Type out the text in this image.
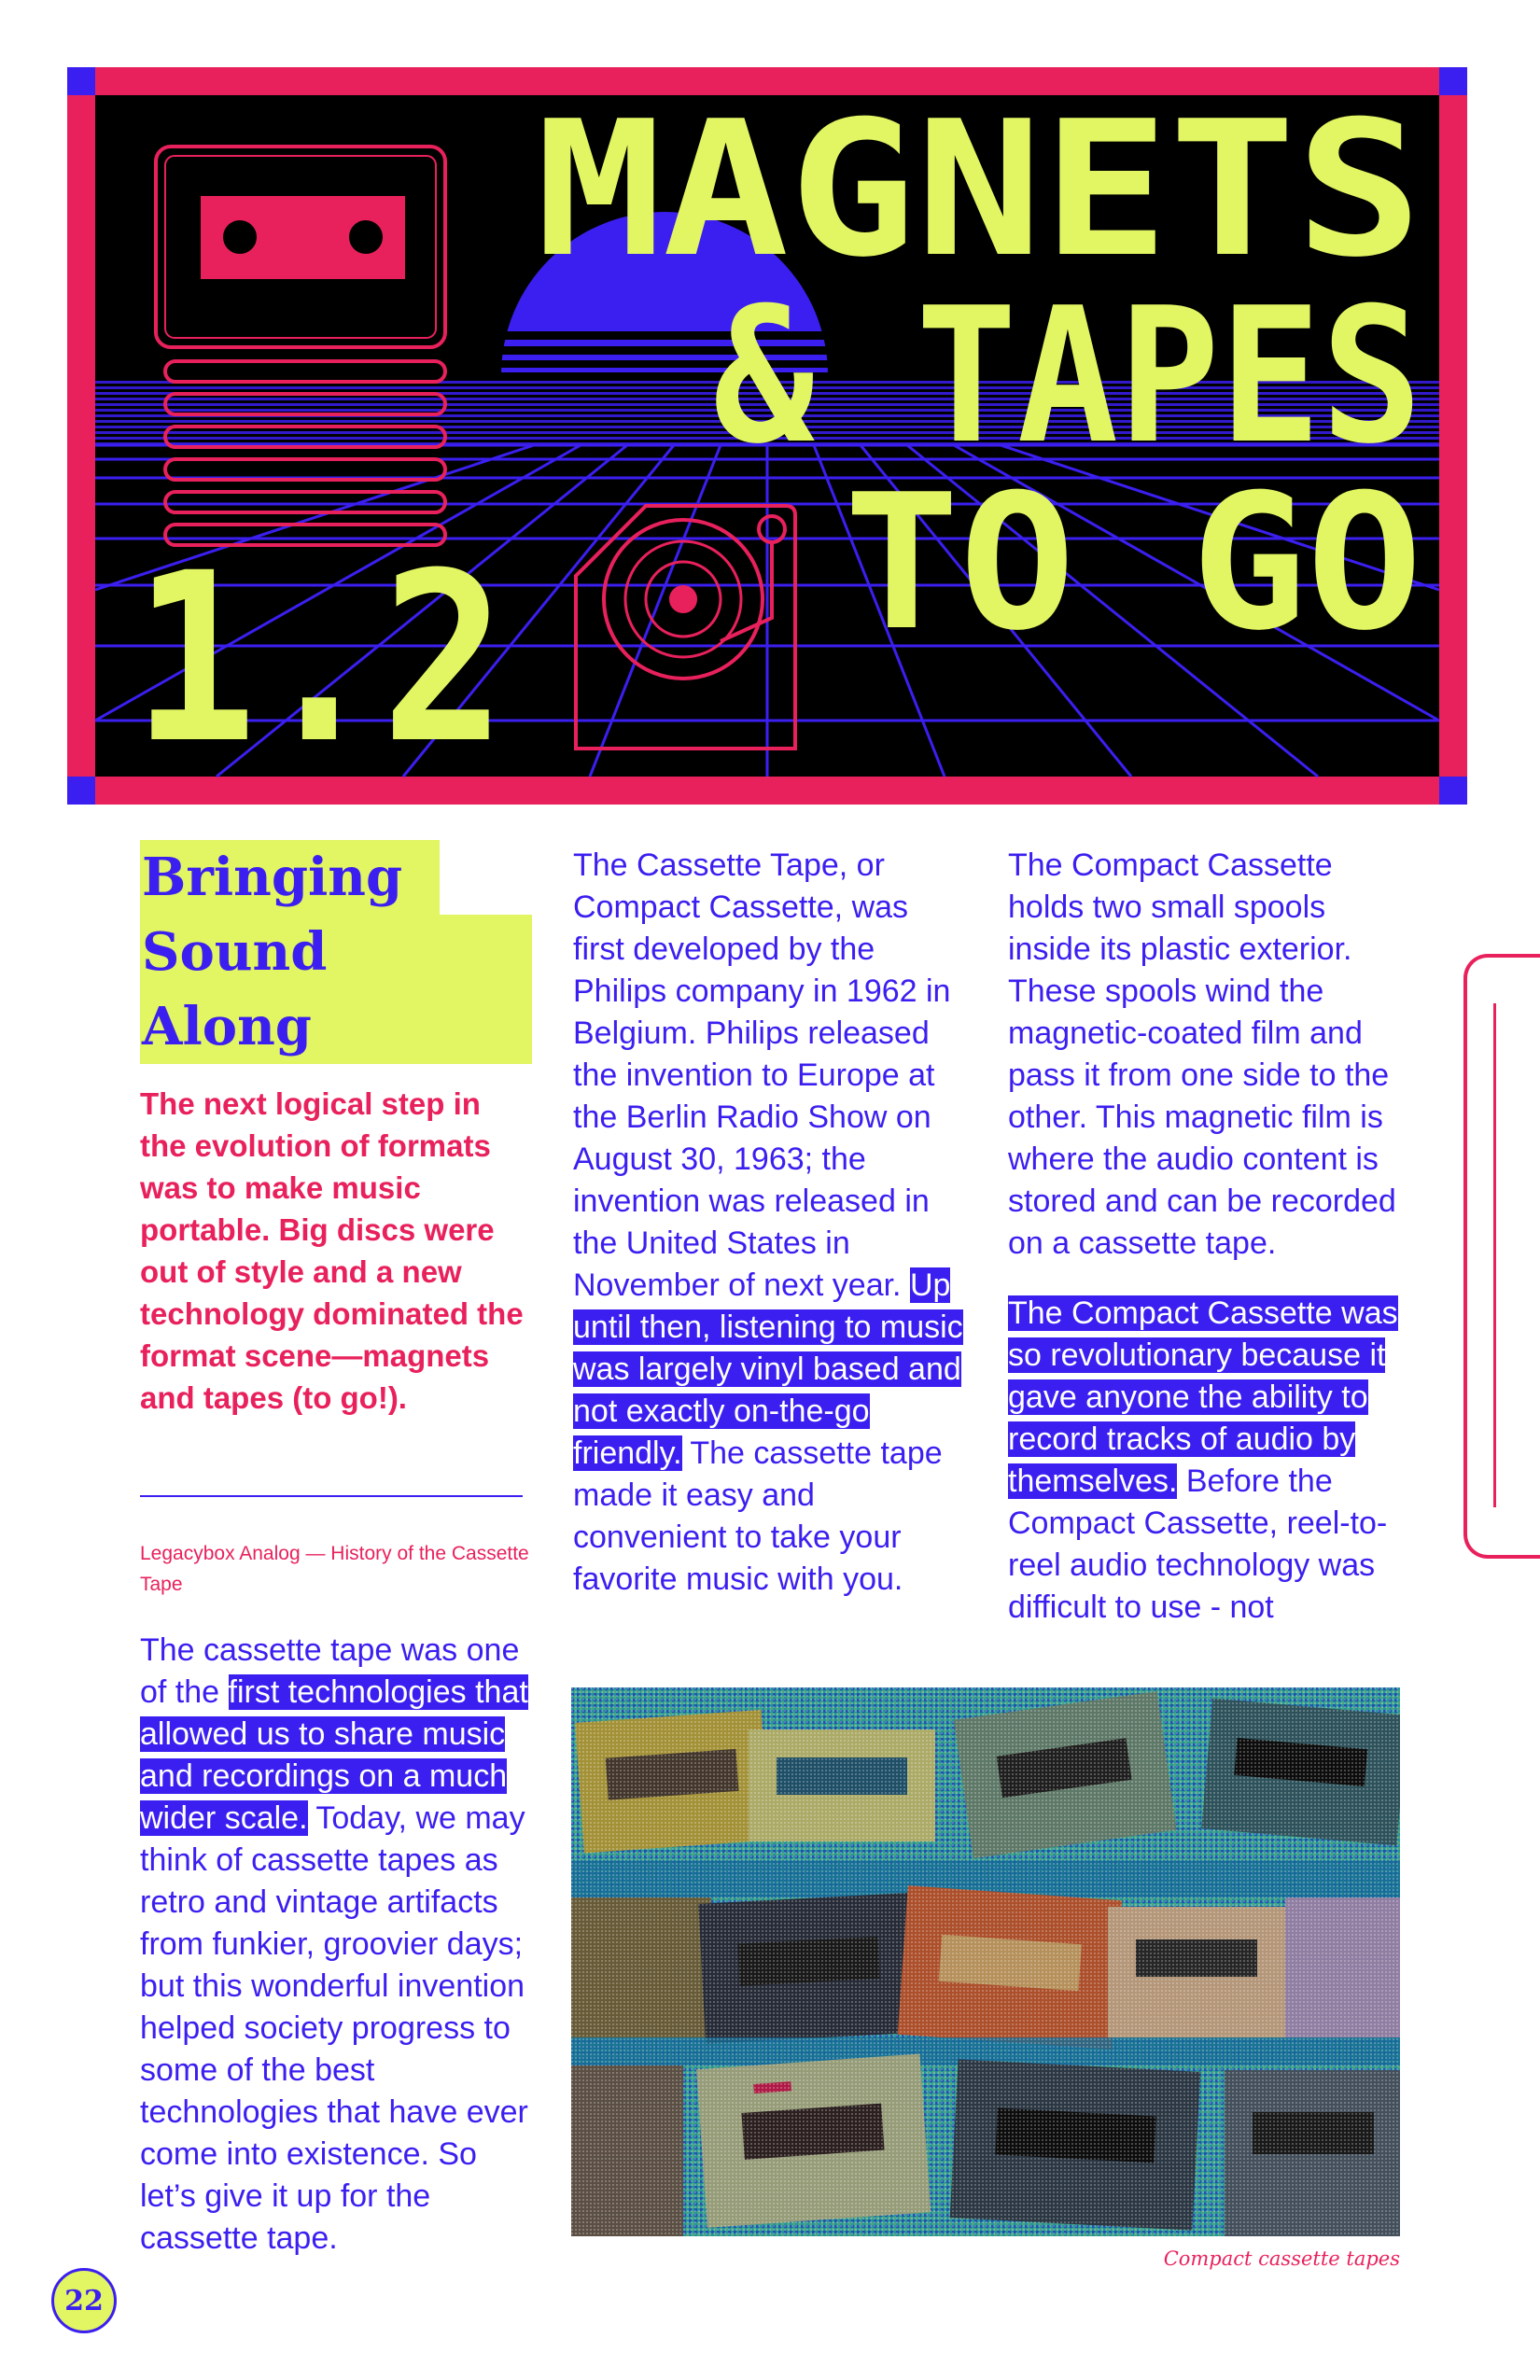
MAGNETS
& TAPES
TO GO
1.2
Bringing
Sound Along

The next logical step in the evolution of formats was to make music portable. Big discs were out of style and a new technology dominated the format scene—magnets and tapes (to go!).

Legacybox Analog — History of the Cassette Tape

The cassette tape was one of the first technologies that allowed us to share music and recordings on a much wider scale. Today, we may think of cassette tapes as retro and vintage artifacts from funkier, groovier days; but this wonderful invention helped society progress to some of the best technologies that have ever come into existence. So let’s give it up for the cassette tape.

The Cassette Tape, or Compact Cassette, was first developed by the Philips company in 1962 in Belgium. Philips released the invention to Europe at the Berlin Radio Show on August 30, 1963; the invention was released in the United States in November of next year. Up until then, listening to music was largely vinyl based and not exactly on-the-go friendly. The cassette tape made it easy and convenient to take your favorite music with you.

The Compact Cassette holds two small spools inside its plastic exterior. These spools wind the magnetic-coated film and pass it from one side to the other. This magnetic film is where the audio content is stored and can be recorded on a cassette tape.

The Compact Cassette was so revolutionary because it gave anyone the ability to record tracks of audio by themselves. Before the Compact Cassette, reel-to-reel audio technology was difficult to use - not

Compact cassette tapes
22
